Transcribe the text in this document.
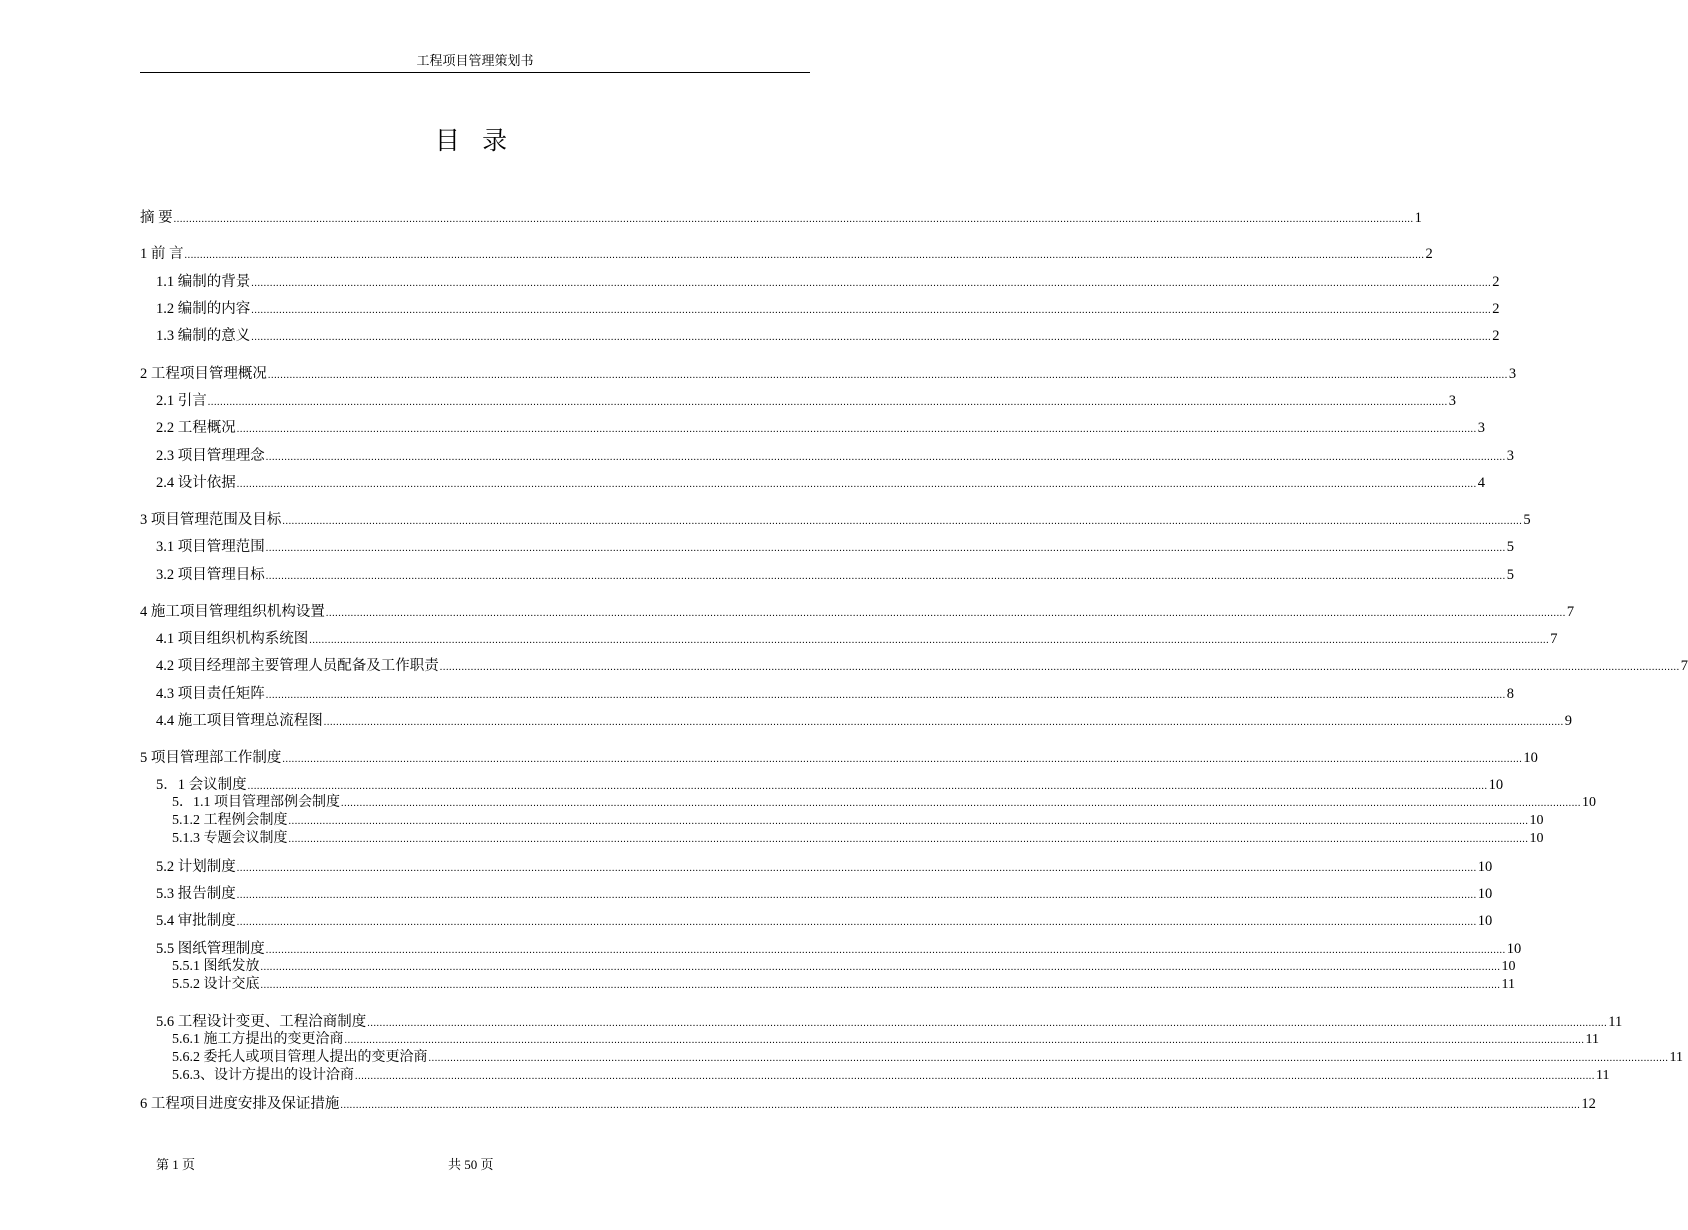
工程项目管理策划书
目 录
摘 要 ................................................................................................................................................................................................................................................................................................................................................................................................................ 1
1 前 言 ................................................................................................................................................................................................................................................................................................................................................................................................................ 2
1.1 编制的背景 ................................................................................................................................................................................................................................................................................................................................................................................................................ 2
1.2 编制的内容 ................................................................................................................................................................................................................................................................................................................................................................................................................ 2
1.3 编制的意义 ................................................................................................................................................................................................................................................................................................................................................................................................................ 2
2 工程项目管理概况 ................................................................................................................................................................................................................................................................................................................................................................................................................ 3
2.1 引言 ................................................................................................................................................................................................................................................................................................................................................................................................................ 3
2.2 工程概况 ................................................................................................................................................................................................................................................................................................................................................................................................................ 3
2.3 项目管理理念 ................................................................................................................................................................................................................................................................................................................................................................................................................ 3
2.4 设计依据 ................................................................................................................................................................................................................................................................................................................................................................................................................ 4
3 项目管理范围及目标 ................................................................................................................................................................................................................................................................................................................................................................................................................ 5
3.1 项目管理范围 ................................................................................................................................................................................................................................................................................................................................................................................................................ 5
3.2 项目管理目标 ................................................................................................................................................................................................................................................................................................................................................................................................................ 5
4 施工项目管理组织机构设置 ................................................................................................................................................................................................................................................................................................................................................................................................................ 7
4.1 项目组织机构系统图 ................................................................................................................................................................................................................................................................................................................................................................................................................ 7
4.2 项目经理部主要管理人员配备及工作职责 ................................................................................................................................................................................................................................................................................................................................................................................................................ 7
4.3 项目责任矩阵 ................................................................................................................................................................................................................................................................................................................................................................................................................ 8
4.4 施工项目管理总流程图 ................................................................................................................................................................................................................................................................................................................................................................................................................ 9
5 项目管理部工作制度 ................................................................................................................................................................................................................................................................................................................................................................................................................ 10
5．1 会议制度 ................................................................................................................................................................................................................................................................................................................................................................................................................ 10
5．1.1 项目管理部例会制度 ................................................................................................................................................................................................................................................................................................................................................................................................................ 10
5.1.2 工程例会制度 ................................................................................................................................................................................................................................................................................................................................................................................................................ 10
5.1.3 专题会议制度 ................................................................................................................................................................................................................................................................................................................................................................................................................ 10
5.2 计划制度 ................................................................................................................................................................................................................................................................................................................................................................................................................ 10
5.3 报告制度 ................................................................................................................................................................................................................................................................................................................................................................................................................ 10
5.4 审批制度 ................................................................................................................................................................................................................................................................................................................................................................................................................ 10
5.5 图纸管理制度 ................................................................................................................................................................................................................................................................................................................................................................................................................ 10
5.5.1 图纸发放 ................................................................................................................................................................................................................................................................................................................................................................................................................ 10
5.5.2 设计交底 ................................................................................................................................................................................................................................................................................................................................................................................................................ 11
5.6 工程设计变更、工程洽商制度 ................................................................................................................................................................................................................................................................................................................................................................................................................ 11
5.6.1 施工方提出的变更洽商 ................................................................................................................................................................................................................................................................................................................................................................................................................ 11
5.6.2 委托人或项目管理人提出的变更洽商 ................................................................................................................................................................................................................................................................................................................................................................................................................ 11
5.6.3、设计方提出的设计洽商 ................................................................................................................................................................................................................................................................................................................................................................................................................ 11
6 工程项目进度安排及保证措施 ................................................................................................................................................................................................................................................................................................................................................................................................................ 12
第 1 页	共 50 页
